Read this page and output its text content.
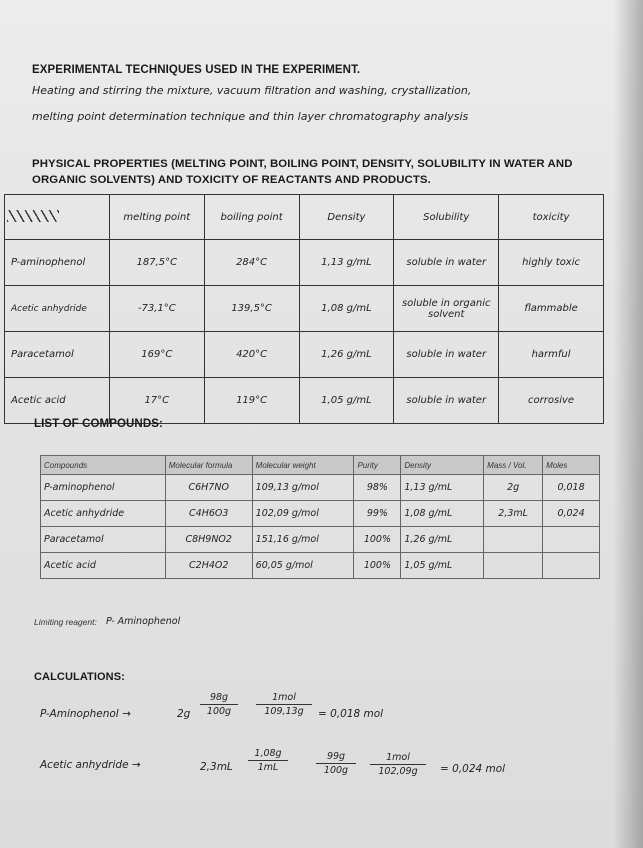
EXPERIMENTAL TECHNIQUES USED IN THE EXPERIMENT.
Heating and stirring the mixture, vacuum filtration and washing, crystallization,
melting point determination technique and thin layer chromatography analysis
PHYSICAL PROPERTIES (MELTING POINT, BOILING POINT, DENSITY, SOLUBILITY IN WATER AND
ORGANIC SOLVENTS) AND TOXICITY OF REACTANTS AND PRODUCTS.
	melting point	boiling point	Density	Solubility	toxicity
P-aminophenol	187,5°C	284°C	1,13 g/mL	soluble in water	highly toxic
Acetic anhydride	-73,1°C	139,5°C	1,08 g/mL	soluble in organic solvent	flammable
Paracetamol	169°C	420°C	1,26 g/mL	soluble in water	harmful
Acetic acid	17°C	119°C	1,05 g/mL	soluble in water	corrosive
LIST OF COMPOUNDS:
Compounds	Molecular formula	Molecular weight	Purity	Density	Mass / Vol.	Moles
P-aminophenol	C6H7NO	109,13 g/mol	98%	1,13 g/mL	2g	0,018
Acetic anhydride	C4H6O3	102,09 g/mol	99%	1,08 g/mL	2,3mL	0,024
Paracetamol	C8H9NO2	151,16 g/mol	100%	1,26 g/mL		
Acetic acid	C2H4O2	60,05 g/mol	100%	1,05 g/mL		
Limiting reagent: P- Aminophenol
CALCULATIONS:
P-Aminophenol →	$2g \frac{98g}{100g}$	1mol
109,13g	= 0,018 mol
Acetic anhydride →	$2,3mL \frac{1,08g}{1mL}$	$\frac{99g}{100g}$	1mol
102,09g	= 0,024 mol
